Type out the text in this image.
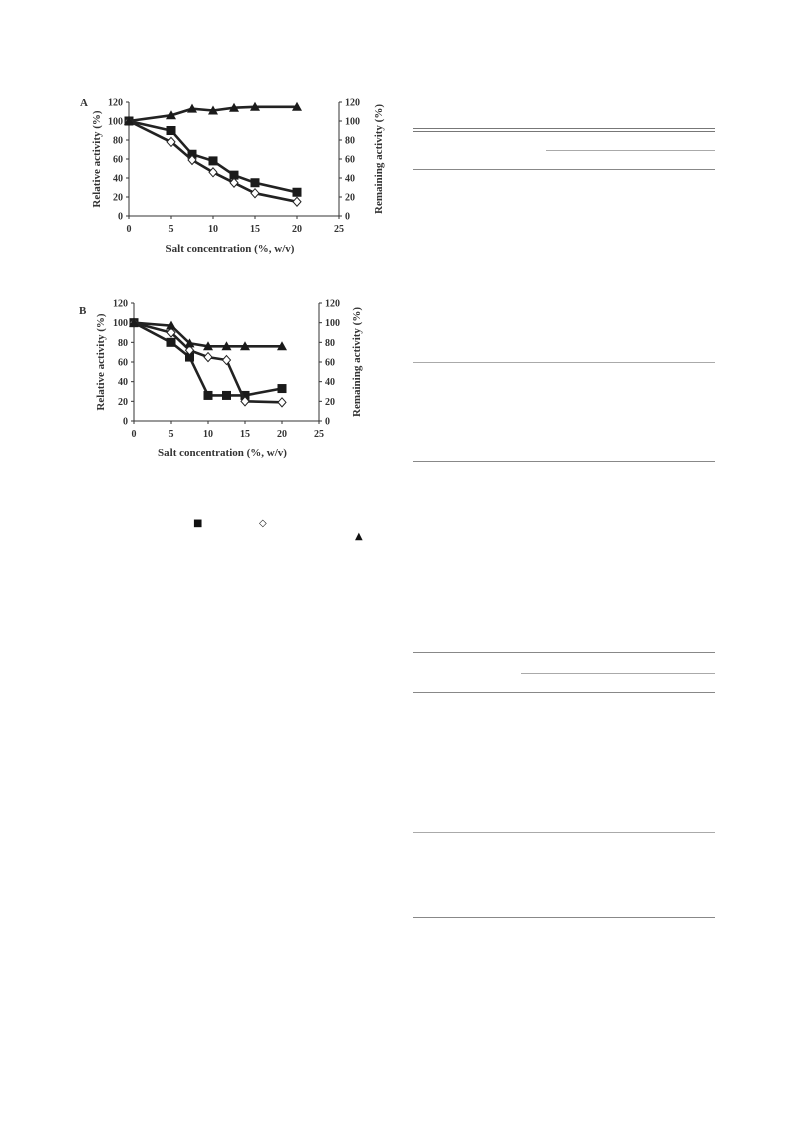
A
0	0
20	20
40	40
60	60
80	80
100	100
120	120
0	5	10	15	20	25
Relative activity (%)	Remaining activity (%)
Salt concentration (%, w/v)
B
0	0
20	20
40	40
60	60
80	80
100	100
120	120
0	5	10	15	20	25
Relative activity (%)	Remaining activity (%)
Salt concentration (%, w/v)
■	◇
▲
